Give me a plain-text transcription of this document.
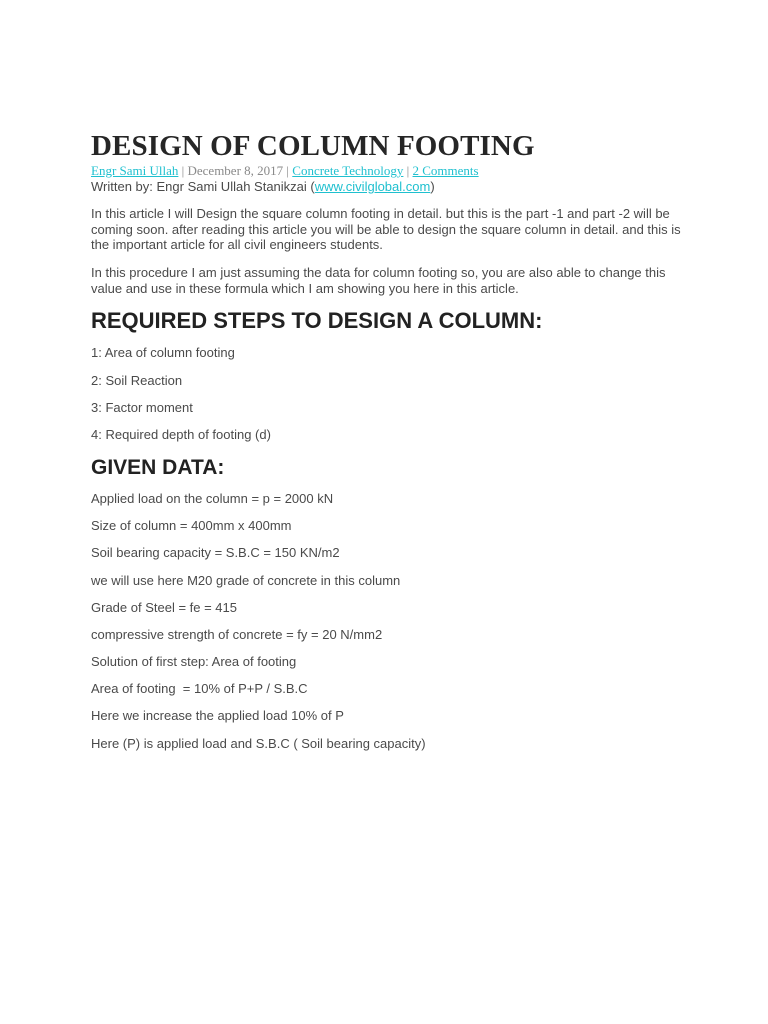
DESIGN OF COLUMN FOOTING
Engr Sami Ullah | December 8, 2017 | Concrete Technology | 2 Comments
Written by: Engr Sami Ullah Stanikzai (www.civilglobal.com)

In this article I will Design the square column footing in detail. but this is the part -1 and part -2 will be coming soon. after reading this article you will be able to design the square column in detail. and this is the important article for all civil engineers students.

In this procedure I am just assuming the data for column footing so, you are also able to change this value and use in these formula which I am showing you here in this article.

REQUIRED STEPS TO DESIGN A COLUMN:
1: Area of column footing
2: Soil Reaction
3: Factor moment
4: Required depth of footing (d)
GIVEN DATA:
Applied load on the column = p = 2000 kN
Size of column = 400mm x 400mm
Soil bearing capacity = S.B.C = 150 KN/m2
we will use here M20 grade of concrete in this column
Grade of Steel = fe = 415
compressive strength of concrete = fy = 20 N/mm2
Solution of first step: Area of footing
Area of footing  = 10% of P+P / S.B.C
Here we increase the applied load 10% of P
Here (P) is applied load and S.B.C ( Soil bearing capacity)
